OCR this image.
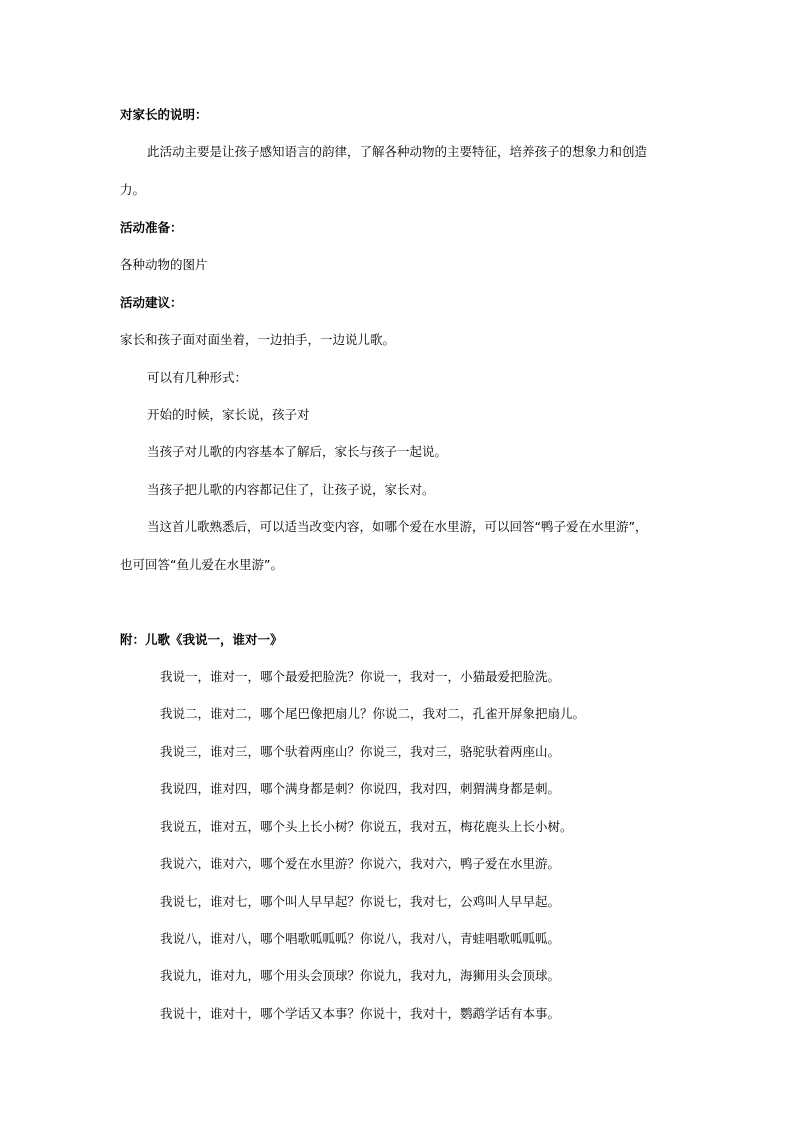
对家长的说明：
此活动主要是让孩子感知语言的韵律，了解各种动物的主要特征，培养孩子的想象力和创造
力。
活动准备：
各种动物的图片
活动建议：
家长和孩子面对面坐着，一边拍手，一边说儿歌。
可以有几种形式：
开始的时候，家长说，孩子对
当孩子对儿歌的内容基本了解后，家长与孩子一起说。
当孩子把儿歌的内容都记住了，让孩子说，家长对。
当这首儿歌熟悉后，可以适当改变内容，如哪个爱在水里游，可以回答“鸭子爱在水里游”，
也可回答“鱼儿爱在水里游”。
附：儿歌《我说一，谁对一》
我说一，谁对一，哪个最爱把脸洗？你说一，我对一，小猫最爱把脸洗。
我说二，谁对二，哪个尾巴像把扇儿？你说二，我对二，孔雀开屏象把扇儿。
我说三，谁对三，哪个驮着两座山？你说三，我对三，骆驼驮着两座山。
我说四，谁对四，哪个满身都是刺？你说四，我对四，刺猬满身都是刺。
我说五，谁对五，哪个头上长小树？你说五，我对五，梅花鹿头上长小树。
我说六，谁对六，哪个爱在水里游？你说六，我对六，鸭子爱在水里游。
我说七，谁对七，哪个叫人早早起？你说七，我对七，公鸡叫人早早起。
我说八，谁对八，哪个唱歌呱呱呱？你说八，我对八，青蛙唱歌呱呱呱。
我说九，谁对九，哪个用头会顶球？你说九，我对九，海狮用头会顶球。
我说十，谁对十，哪个学话又本事？你说十，我对十，鹦鹉学话有本事。
